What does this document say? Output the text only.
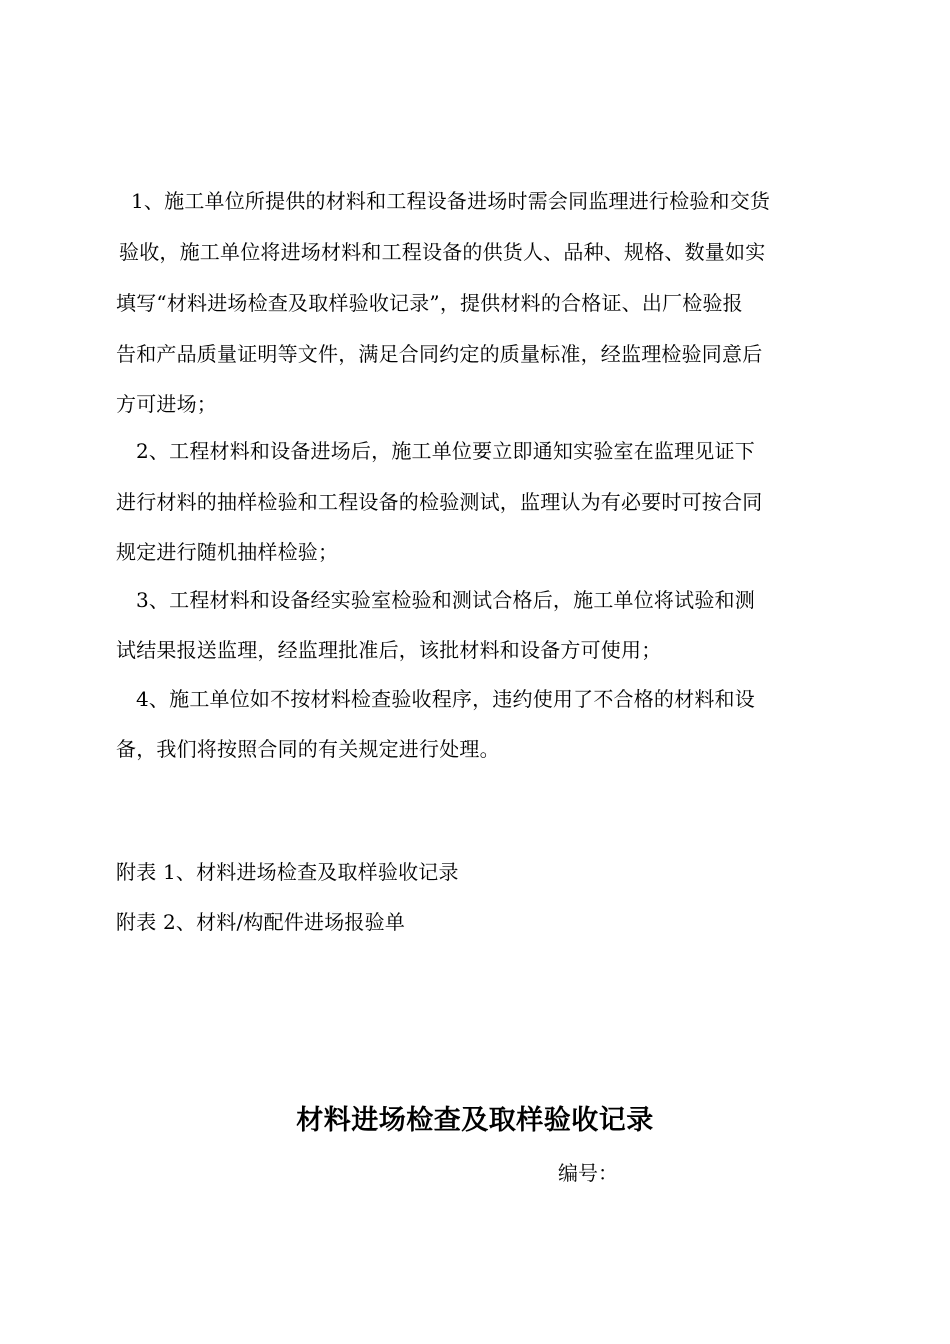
1、施工单位所提供的材料和工程设备进场时需会同监理进行检验和交货
验收，施工单位将进场材料和工程设备的供货人、品种、规格、数量如实
填写“材料进场检查及取样验收记录”，提供材料的合格证、出厂检验报
告和产品质量证明等文件，满足合同约定的质量标准，经监理检验同意后
方可进场；
2、工程材料和设备进场后，施工单位要立即通知实验室在监理见证下
进行材料的抽样检验和工程设备的检验测试，监理认为有必要时可按合同
规定进行随机抽样检验；
3、工程材料和设备经实验室检验和测试合格后，施工单位将试验和测
试结果报送监理，经监理批准后，该批材料和设备方可使用；
4、施工单位如不按材料检查验收程序，违约使用了不合格的材料和设
备，我们将按照合同的有关规定进行处理。
附表 1、材料进场检查及取样验收记录
附表 2、材料/构配件进场报验单
材料进场检查及取样验收记录
编号：
